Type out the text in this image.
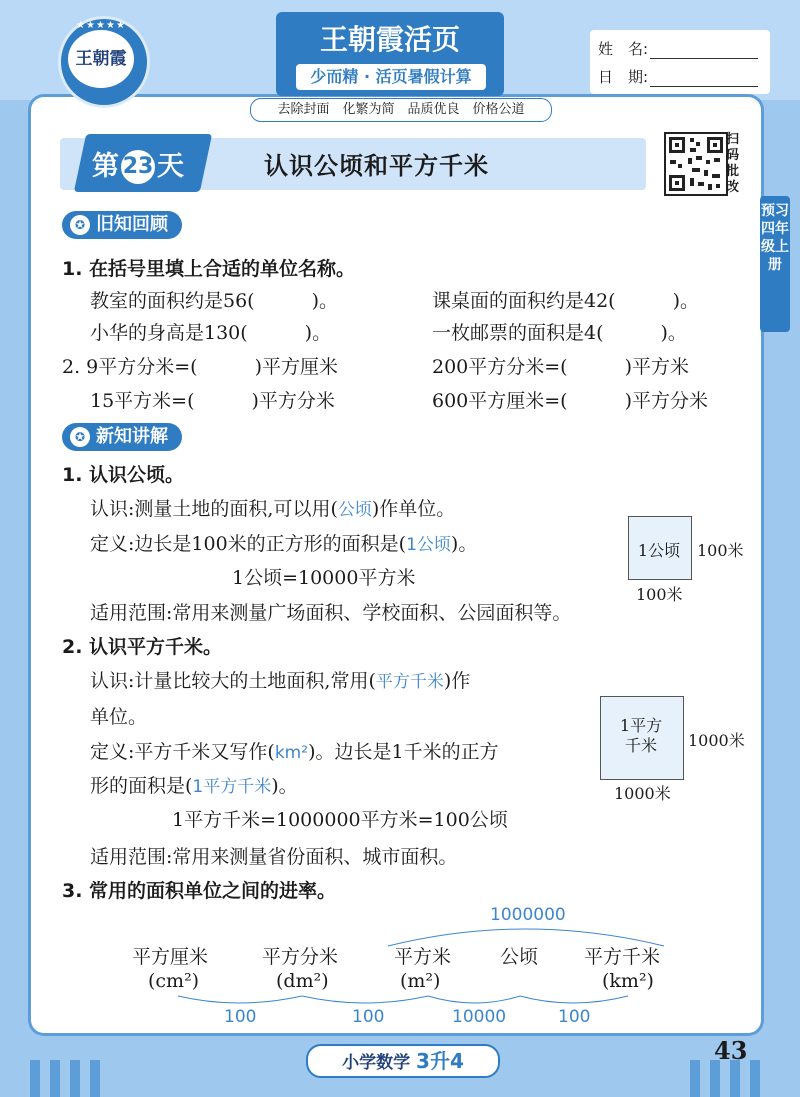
★★★★★
王朝霞
王朝霞活页
少而精 · 活页暑假计算
去除封面　化繁为简　品质优良　价格公道
姓　名:
日　期:
第 23 天	认识公顷和平方千米
扫码批改
预习四年级上册
✪ 旧知回顾
1. 在括号里填上合适的单位名称。
教室的面积约是56(　　　)。	课桌面的面积约是42(　　　)。
小华的身高是130(　　　)。	一枚邮票的面积是4(　　　)。
2. 9平方分米=(　　　)平方厘米	200平方分米=(　　　)平方米
15平方米=(　　　)平方分米	600平方厘米=(　　　)平方分米
✪ 新知讲解
1. 认识公顷。
认识:测量土地的面积,可以用(公顷)作单位。
定义:边长是100米的正方形的面积是(1公顷)。
1公顷=10000平方米
适用范围:常用来测量广场面积、学校面积、公园面积等。
1公顷	100米
100米
2. 认识平方千米。
认识:计量比较大的土地面积,常用(平方千米)作
单位。
定义:平方千米又写作(km²)。边长是1千米的正方
形的面积是(1平方千米)。
1平方千米=1000000平方米=100公顷
适用范围:常用来测量省份面积、城市面积。
1平方
千米	1000米
1000米
3. 常用的面积单位之间的进率。
平方厘米
(cm²)
平方分米
(dm²)
平方米
(m²)
公顷 平方千米
(km²)
1000000
100	100	10000	100
小学数学 3升4	43
